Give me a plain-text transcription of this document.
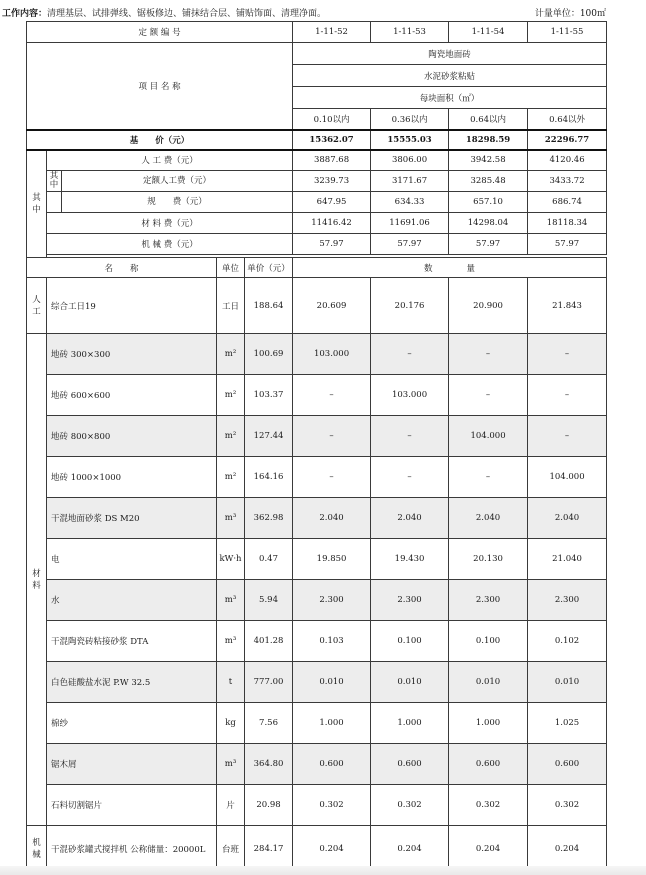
工作内容：清理基层、试排弹线、锯板修边、铺抹结合层、铺贴饰面、清理净面。	计量单位：100㎡
定 额 编 号				1-11-52	1-11-53	1-11-54	1-11-55
项 目 名 称				陶瓷地面砖			
				水泥砂浆粘贴			
				每块面积（㎡）			
				0.10以内	0.36以内	0.64以内	0.64以外
基　　价（元）				15362.07	15555.03	18298.59	22296.77
其中	人 工 费（元）			3887.68	3806.00	3942.58	4120.46

	其中 定额人工费（元）			3239.73	3171.67	3285.48	3433.72

	规　　费（元）			647.95	634.33	657.10	686.74
	材 料 费（元）			11416.42	11691.06	14298.04	18118.34
	机 械 费（元）			57.97	57.97	57.97	57.97

名　　称		单位	单价（元）	数　　　　量			
人工	综合工日19	工日	188.64	20.609	20.176	20.900	21.843
材料	地砖 300×300	m²	100.69	103.000	–	–	–
	地砖 600×600	m²	103.37	–	103.000	–	–
	地砖 800×800	m²	127.44	–	–	104.000	–
	地砖 1000×1000	m²	164.16	–	–	–	104.000
	干混地面砂浆 DS M20	m³	362.98	2.040	2.040	2.040	2.040
	电	kW·h	0.47	19.850	19.430	20.130	21.040
	水	m³	5.94	2.300	2.300	2.300	2.300
	干混陶瓷砖粘接砂浆 DTA	m³	401.28	0.103	0.100	0.100	0.102
	白色硅酸盐水泥 P.W 32.5	t	777.00	0.010	0.010	0.010	0.010
	棉纱	kg	7.56	1.000	1.000	1.000	1.025
	锯木屑	m³	364.80	0.600	0.600	0.600	0.600
	石料切割锯片	片	20.98	0.302	0.302	0.302	0.302
机械	干混砂浆罐式搅拌机 公称储量：20000L	台班	284.17	0.204	0.204	0.204	0.204
